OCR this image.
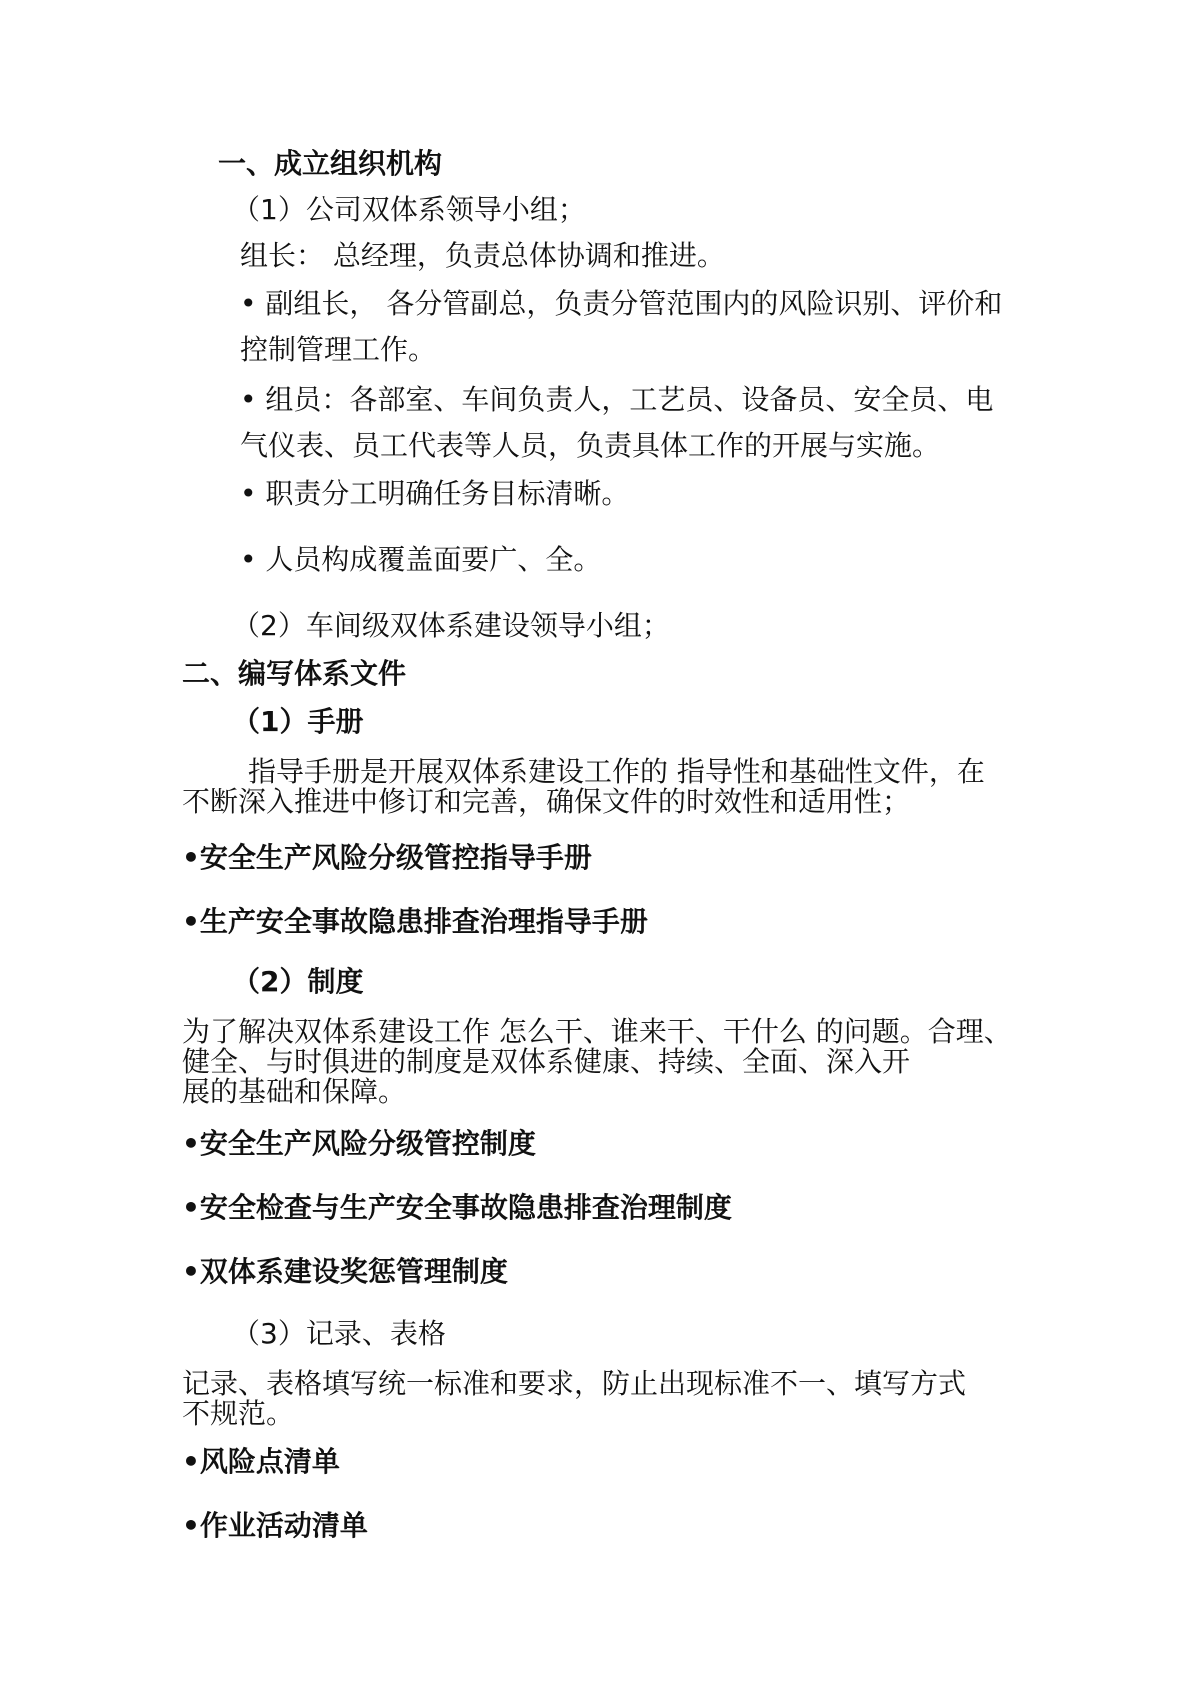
一、成立组织机构
（1）公司双体系领导小组；
组长： 总经理，负责总体协调和推进。
• 副组长， 各分管副总，负责分管范围内的风险识别、评价和
控制管理工作。
• 组员：各部室、车间负责人，工艺员、设备员、安全员、电
气仪表、员工代表等人员，负责具体工作的开展与实施。
• 职责分工明确任务目标清晰。
• 人员构成覆盖面要广、全。
（2）车间级双体系建设领导小组；
二、编写体系文件
（1）手册
指导手册是开展双体系建设工作的 指导性和基础性文件，在
不断深入推进中修订和完善，确保文件的时效性和适用性；
•安全生产风险分级管控指导手册
•生产安全事故隐患排查治理指导手册
（2）制度
为了解决双体系建设工作 怎么干、谁来干、干什么 的问题。合理、
健全、与时俱进的制度是双体系健康、持续、全面、深入开
展的基础和保障。
•安全生产风险分级管控制度
•安全检查与生产安全事故隐患排查治理制度
•双体系建设奖惩管理制度
（3）记录、表格
记录、表格填写统一标准和要求，防止出现标准不一、填写方式
不规范。
•风险点清单
•作业活动清单
